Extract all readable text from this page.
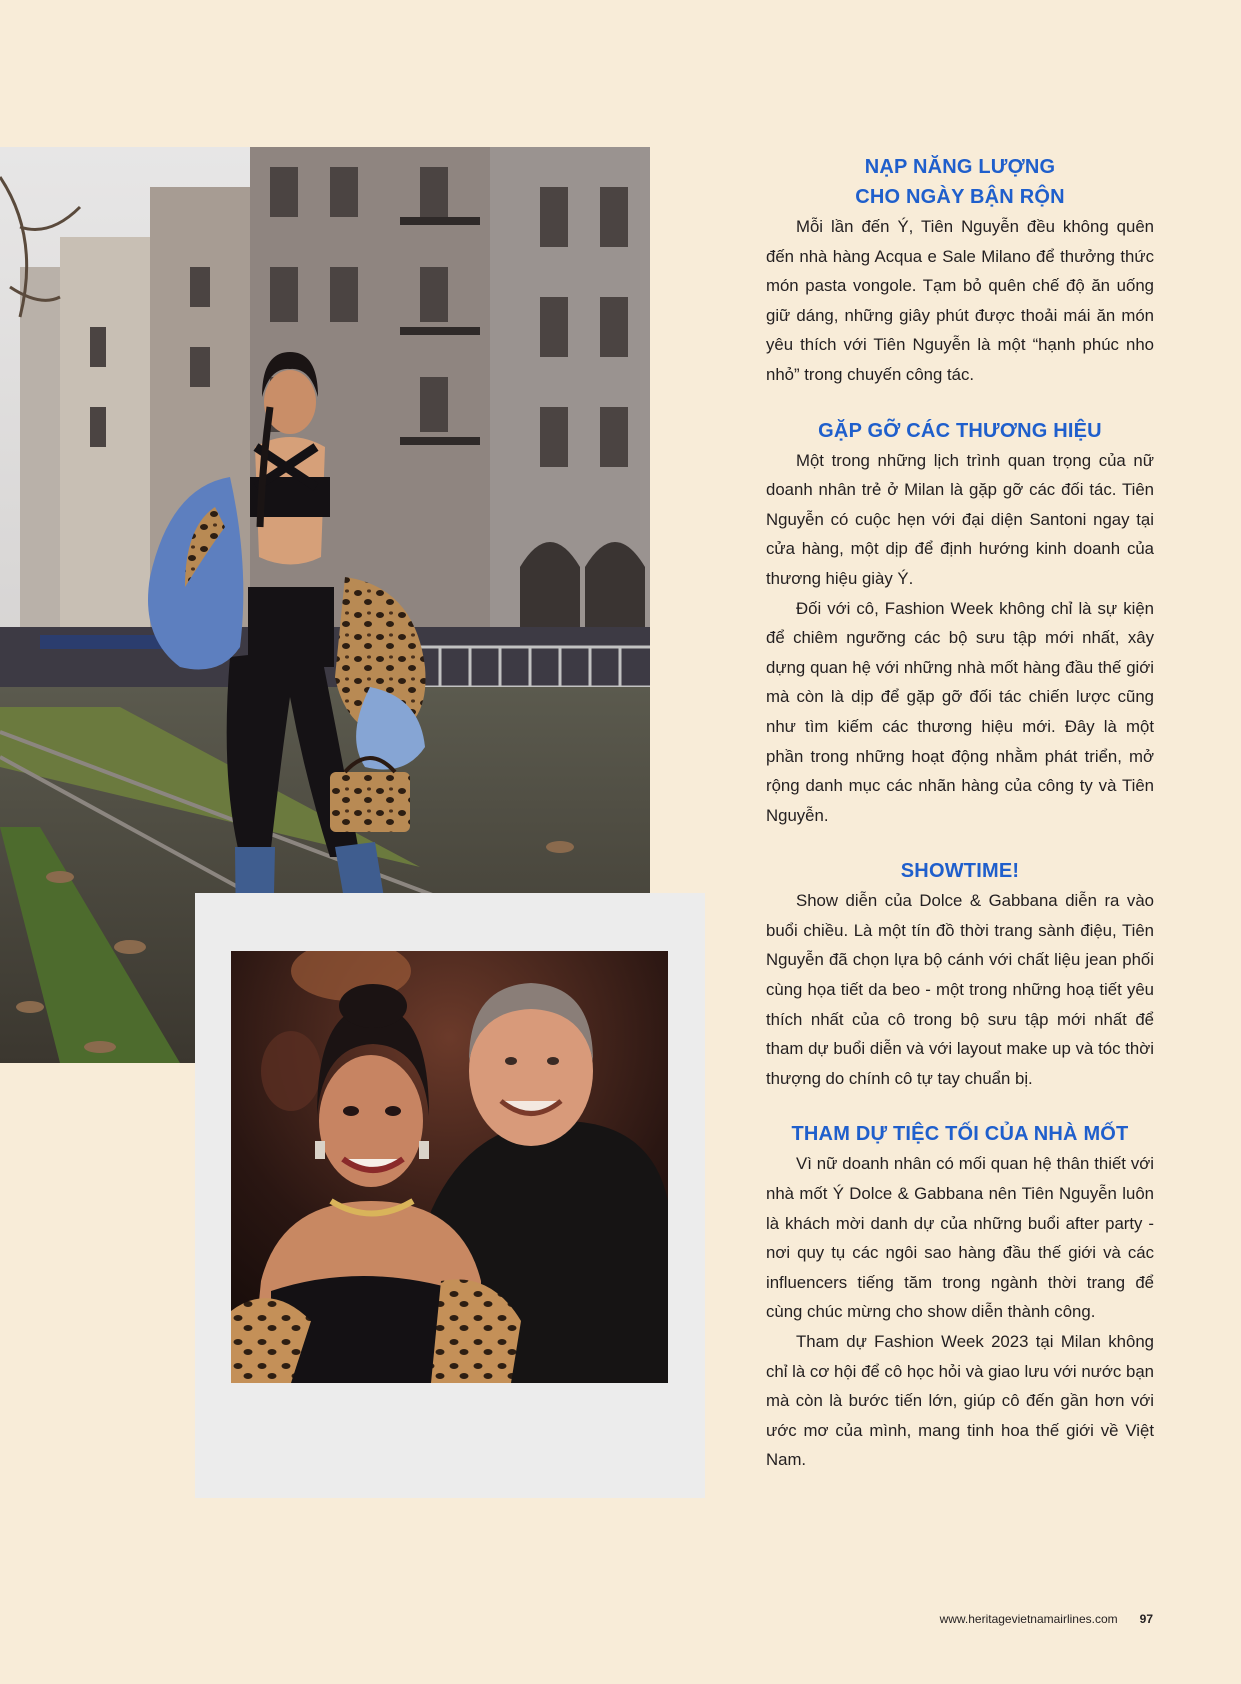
NẠP NĂNG LƯỢNG
CHO NGÀY BẬN RỘN

Mỗi lần đến Ý, Tiên Nguyễn đều không quên đến nhà hàng Acqua e Sale Milano để thưởng thức món pasta vongole. Tạm bỏ quên chế độ ăn uống giữ dáng, những giây phút được thoải mái ăn món yêu thích với Tiên Nguyễn là một “hạnh phúc nho nhỏ” trong chuyến công tác.

GẶP GỠ CÁC THƯƠNG HIỆU

Một trong những lịch trình quan trọng của nữ doanh nhân trẻ ở Milan là gặp gỡ các đối tác. Tiên Nguyễn có cuộc hẹn với đại diện Santoni ngay tại cửa hàng, một dịp để định hướng kinh doanh của thương hiệu giày Ý.

Đối với cô, Fashion Week không chỉ là sự kiện để chiêm ngưỡng các bộ sưu tập mới nhất, xây dựng quan hệ với những nhà mốt hàng đầu thế giới mà còn là dịp để gặp gỡ đối tác chiến lược cũng như tìm kiếm các thương hiệu mới. Đây là một phần trong những hoạt động nhằm phát triển, mở rộng danh mục các nhãn hàng của công ty và Tiên Nguyễn.

SHOWTIME!

Show diễn của Dolce & Gabbana diễn ra vào buổi chiều. Là một tín đồ thời trang sành điệu, Tiên Nguyễn đã chọn lựa bộ cánh với chất liệu jean phối cùng họa tiết da beo - một trong những hoạ tiết yêu thích nhất của cô trong bộ sưu tập mới nhất để tham dự buổi diễn và với layout make up và tóc thời thượng do chính cô tự tay chuẩn bị.

THAM DỰ TIỆC TỐI CỦA NHÀ MỐT

Vì nữ doanh nhân có mối quan hệ thân thiết với nhà mốt Ý Dolce & Gabbana nên Tiên Nguyễn luôn là khách mời danh dự của những buổi after party - nơi quy tụ các ngôi sao hàng đầu thế giới và các influencers tiếng tăm trong ngành thời trang để cùng chúc mừng cho show diễn thành công.

Tham dự Fashion Week 2023 tại Milan không chỉ là cơ hội để cô học hỏi và giao lưu với nước bạn mà còn là bước tiến lớn, giúp cô đến gần hơn với ước mơ của mình, mang tinh hoa thế giới về Việt Nam.

www.heritagevietnamairlines.com 97
